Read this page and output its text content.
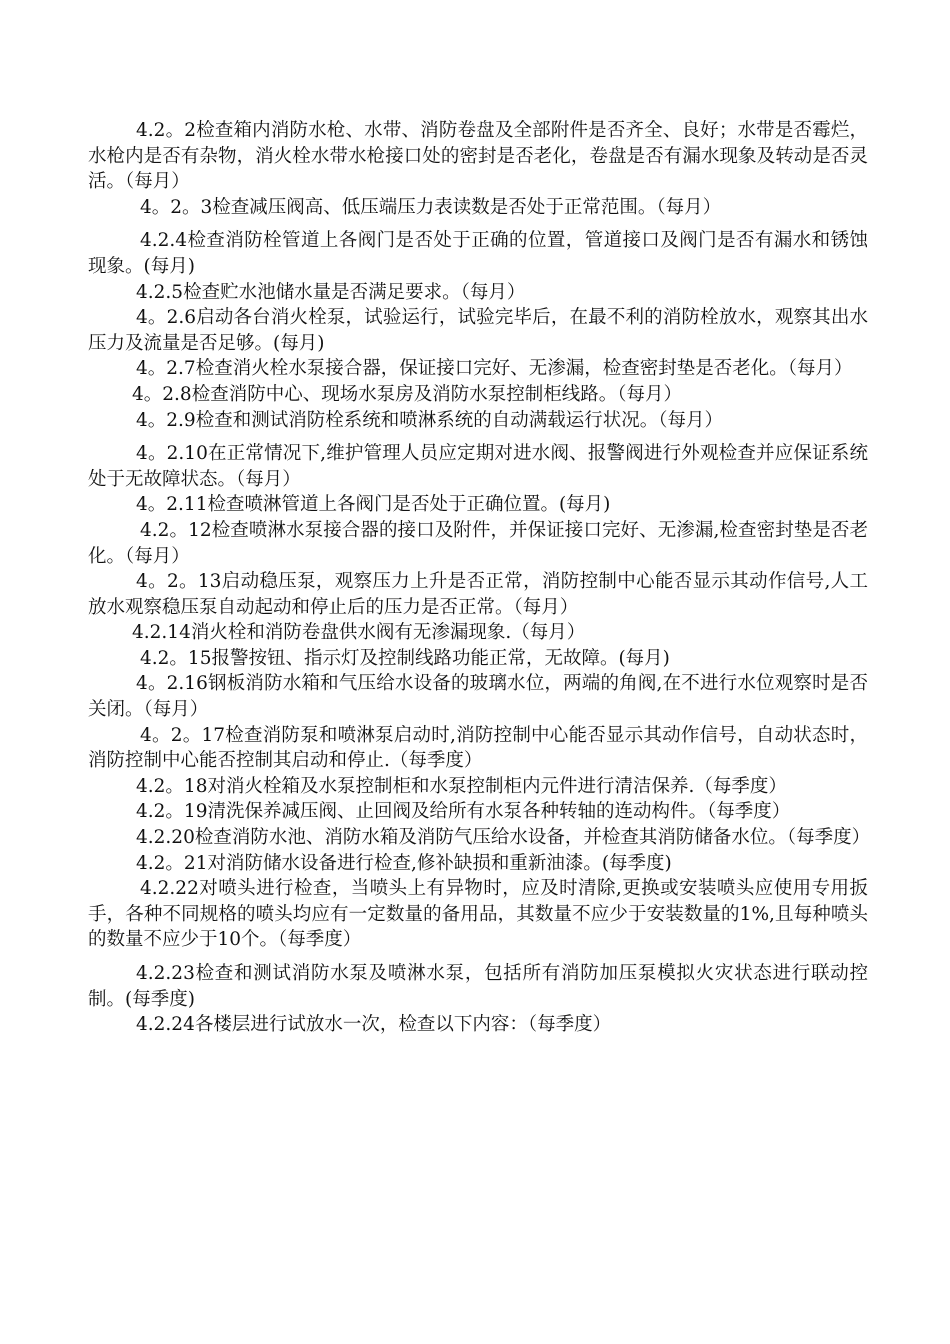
4.2。2检查箱内消防水枪、水带、消防卷盘及全部附件是否齐全、良好；水带是否霉烂，水枪内是否有杂物，消火栓水带水枪接口处的密封是否老化，卷盘是否有漏水现象及转动是否灵活。（每月）

4。2。3检查减压阀高、低压端压力表读数是否处于正常范围。（每月）

4.2.4检查消防栓管道上各阀门是否处于正确的位置，管道接口及阀门是否有漏水和锈蚀现象。(每月)

4.2.5检查贮水池储水量是否满足要求。（每月）

4。2.6启动各台消火栓泵，试验运行，试验完毕后，在最不利的消防栓放水，观察其出水压力及流量是否足够。(每月)

4。2.7检查消火栓水泵接合器，保证接口完好、无渗漏，检查密封垫是否老化。（每月）

4。2.8检查消防中心、现场水泵房及消防水泵控制柜线路。（每月）

4。2.9检查和测试消防栓系统和喷淋系统的自动满载运行状况。（每月）

4。2.10在正常情况下,维护管理人员应定期对进水阀、报警阀进行外观检查并应保证系统处于无故障状态。（每月）

4。2.11检查喷淋管道上各阀门是否处于正确位置。(每月)

4.2。12检查喷淋水泵接合器的接口及附件，并保证接口完好、无渗漏,检查密封垫是否老化。（每月）

4。2。13启动稳压泵，观察压力上升是否正常，消防控制中心能否显示其动作信号,人工放水观察稳压泵自动起动和停止后的压力是否正常。（每月）

4.2.14消火栓和消防卷盘供水阀有无渗漏现象.（每月）

4.2。15报警按钮、指示灯及控制线路功能正常，无故障。(每月)

4。2.16钢板消防水箱和气压给水设备的玻璃水位，两端的角阀,在不进行水位观察时是否关闭。（每月）

4。2。17检查消防泵和喷淋泵启动时,消防控制中心能否显示其动作信号，自动状态时，消防控制中心能否控制其启动和停止.（每季度）

4.2。18对消火栓箱及水泵控制柜和水泵控制柜内元件进行清洁保养.（每季度）

4.2。19清洗保养减压阀、止回阀及给所有水泵各种转轴的连动构件。（每季度）

4.2.20检查消防水池、消防水箱及消防气压给水设备，并检查其消防储备水位。（每季度）

4.2。21对消防储水设备进行检查,修补缺损和重新油漆。(每季度)

4.2.22对喷头进行检查，当喷头上有异物时，应及时清除,更换或安装喷头应使用专用扳手，各种不同规格的喷头均应有一定数量的备用品，其数量不应少于安装数量的1%,且每种喷头的数量不应少于10个。（每季度）

4.2.23检查和测试消防水泵及喷淋水泵，包括所有消防加压泵模拟火灾状态进行联动控制。(每季度)

4.2.24各楼层进行试放水一次，检查以下内容：（每季度）
